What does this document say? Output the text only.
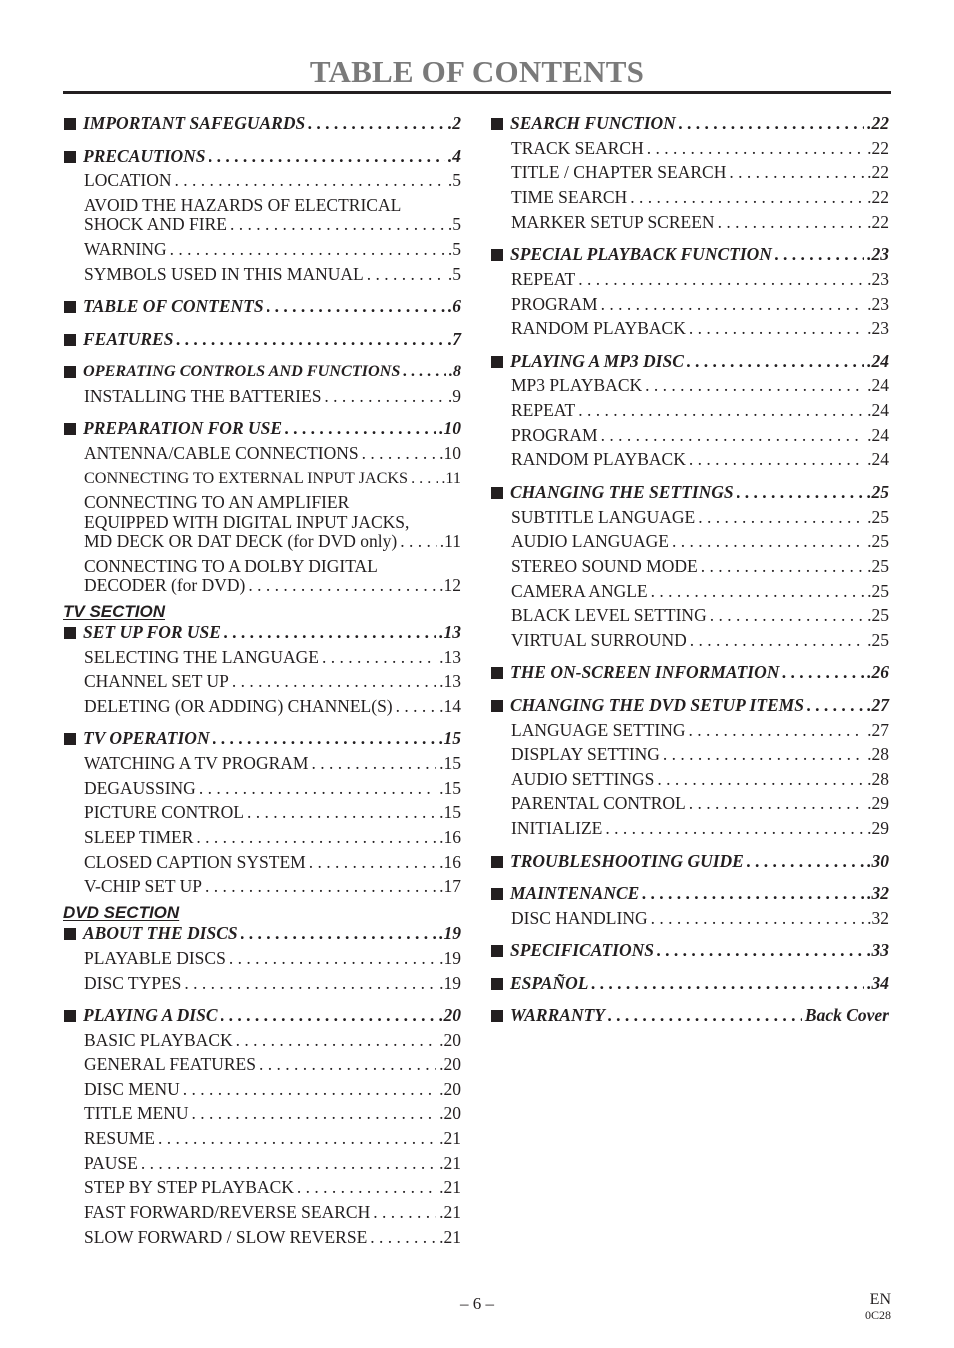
TABLE OF CONTENTS
TV SECTION
DVD SECTION
IMPORTANT SAFEGUARDS . . .	.2
PRECAUTIONS . . .	.4
LOCATION . . .	.5
AVOID THE HAZARDS OF ELECTRICAL
SHOCK AND FIRE . . .	.5
WARNING . . .	.5
SYMBOLS USED IN THIS MANUAL . . .	.5
TABLE OF CONTENTS . . .	.6
FEATURES . . .	.7
OPERATING CONTROLS AND FUNCTIONS . . .	.8
INSTALLING THE BATTERIES . . .	.9
PREPARATION FOR USE . . .	.10
ANTENNA/CABLE CONNECTIONS . . .	.10
CONNECTING TO EXTERNAL INPUT JACKS . . . .11
CONNECTING TO AN AMPLIFIER
EQUIPPED WITH DIGITAL INPUT JACKS,
MD DECK OR DAT DECK (for DVD only) . . . .11
CONNECTING TO A DOLBY DIGITAL
DECODER (for DVD) . . .	.12
SET UP FOR USE . . .	.13
SELECTING THE LANGUAGE . . .	.13
CHANNEL SET UP . . .	.13
DELETING (OR ADDING) CHANNEL(S) . . .	.14
TV OPERATION . . .	.15
WATCHING A TV PROGRAM . . .	.15
DEGAUSSING . . .	.15
PICTURE CONTROL . . .	.15
SLEEP TIMER . . .	.16
CLOSED CAPTION SYSTEM . . .	.16
V-CHIP SET UP . . .	.17
ABOUT THE DISCS . . .	.19
PLAYABLE DISCS . . .	.19
DISC TYPES . . .	.19
PLAYING A DISC . . .	.20
BASIC PLAYBACK . . .	.20
GENERAL FEATURES . . .	.20
DISC MENU . . .	.20
TITLE MENU . . .	.20
RESUME . . .	.21
PAUSE . . .	.21
STEP BY STEP PLAYBACK . . .	.21
FAST FORWARD/REVERSE SEARCH . . .	.21
SLOW FORWARD / SLOW REVERSE . . .	.21
SEARCH FUNCTION . . .	.22
TRACK SEARCH . . .	.22
TITLE / CHAPTER SEARCH . . .	.22
TIME SEARCH . . .	.22
MARKER SETUP SCREEN . . .	.22
SPECIAL PLAYBACK FUNCTION . . .	.23
REPEAT . . .	.23
PROGRAM . . .	.23
RANDOM PLAYBACK . . .	.23
PLAYING A MP3 DISC . . .	.24
MP3 PLAYBACK . . .	.24
REPEAT . . .	.24
PROGRAM . . .	.24
RANDOM PLAYBACK . . .	.24
CHANGING THE SETTINGS . . .	.25
SUBTITLE LANGUAGE . . .	.25
AUDIO LANGUAGE . . .	.25
STEREO SOUND MODE . . .	.25
CAMERA ANGLE . . .	.25
BLACK LEVEL SETTING . . .	.25
VIRTUAL SURROUND . . .	.25
THE ON-SCREEN INFORMATION . . .	.26
CHANGING THE DVD SETUP ITEMS . . .	.27
LANGUAGE SETTING . . .	.27
DISPLAY SETTING . . .	.28
AUDIO SETTINGS . . .	.28
PARENTAL CONTROL . . .	.29
INITIALIZE . . .	.29
TROUBLESHOOTING GUIDE . . .	.30
MAINTENANCE . . .	.32
DISC HANDLING . . .	.32
SPECIFICATIONS . . .	.33
ESPAÑOL . . .	.34
WARRANTY . . .	Back Cover
– 6 –	EN
0C28
